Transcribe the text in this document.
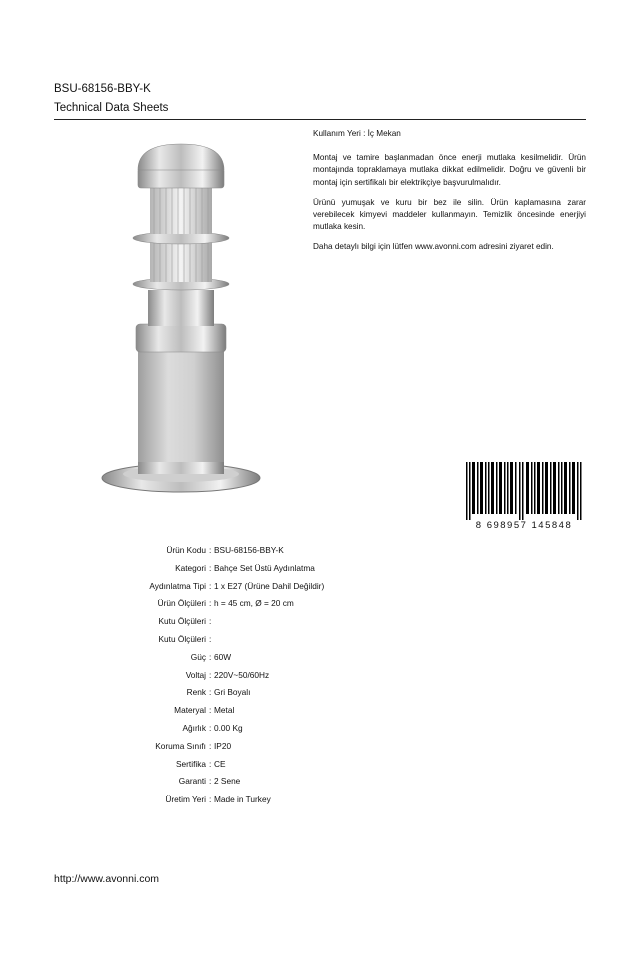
BSU-68156-BBY-K
Technical Data Sheets

Kullanım Yeri : İç Mekan

Montaj ve tamire başlanmadan önce enerji mutlaka kesilmelidir. Ürün montajında topraklamaya mutlaka dikkat edilmelidir. Doğru ve güvenli bir montaj için sertifikalı bir elektrikçiye başvurulmalıdır.

Ürünü yumuşak ve kuru bir bez ile silin. Ürün kaplamasına zarar verebilecek kimyevi maddeler kullanmayın. Temizlik öncesinde enerjiyi mutlaka kesin.

Daha detaylı bilgi için lütfen www.avonni.com adresini ziyaret edin.

8 698957 145848
Ürün Kodu : BSU-68156-BBY-K
Kategori : Bahçe Set Üstü Aydınlatma
Aydınlatma Tipi : 1 x E27 (Ürüne Dahil Değildir)
Ürün Ölçüleri : h = 45 cm, Ø = 20 cm
Kutu Ölçüleri :
Kutu Ölçüleri :
Güç : 60W
Voltaj : 220V~50/60Hz
Renk : Gri Boyalı
Materyal : Metal
Ağırlık : 0.00 Kg
Koruma Sınıfı : IP20
Sertifika : CE
Garanti : 2 Sene
Üretim Yeri : Made in Turkey
http://www.avonni.com
